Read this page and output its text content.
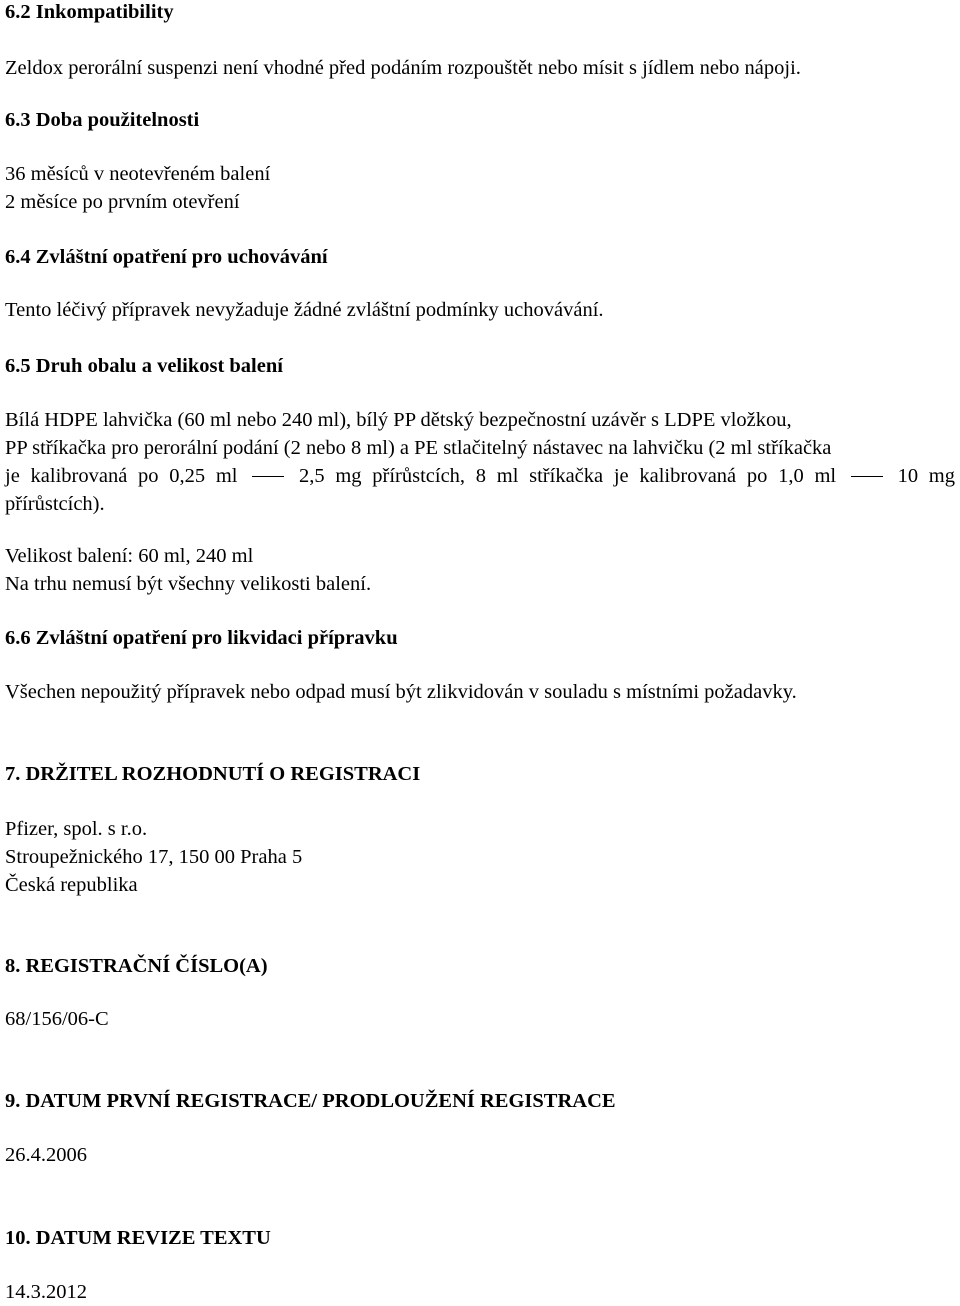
6.2 Inkompatibility

Zeldox perorální suspenzi není vhodné před podáním rozpouštět nebo mísit s jídlem nebo nápoji.

6.3 Doba použitelnosti
36 měsíců v neotevřeném balení
2 měsíce po prvním otevření
6.4 Zvláštní opatření pro uchovávání

Tento léčivý přípravek nevyžaduje žádné zvláštní podmínky uchovávání.

6.5 Druh obalu a velikost balení
Bílá HDPE lahvička (60 ml nebo 240 ml), bílý PP dětský bezpečnostní uzávěr s LDPE vložkou,
PP stříkačka pro perorální podání (2 nebo 8 ml) a PE stlačitelný nástavec na lahvičku (2 ml stříkačka
je kalibrovaná po 0,25 ml	2,5 mg přírůstcích, 8 ml stříkačka je kalibrovaná po 1,0 ml	10 mg
přírůstcích).
Velikost balení: 60 ml, 240 ml
Na trhu nemusí být všechny velikosti balení.
6.6 Zvláštní opatření pro likvidaci přípravku

Všechen nepoužitý přípravek nebo odpad musí být zlikvidován v souladu s místními požadavky.

7. DRŽITEL ROZHODNUTÍ O REGISTRACI
Pfizer, spol. s r.o.
Stroupežnického 17, 150 00 Praha 5
Česká republika
8. REGISTRAČNÍ ČÍSLO(A)

68/156/06-C

9. DATUM PRVNÍ REGISTRACE/ PRODLOUŽENÍ REGISTRACE

26.4.2006

10. DATUM REVIZE TEXTU

14.3.2012
